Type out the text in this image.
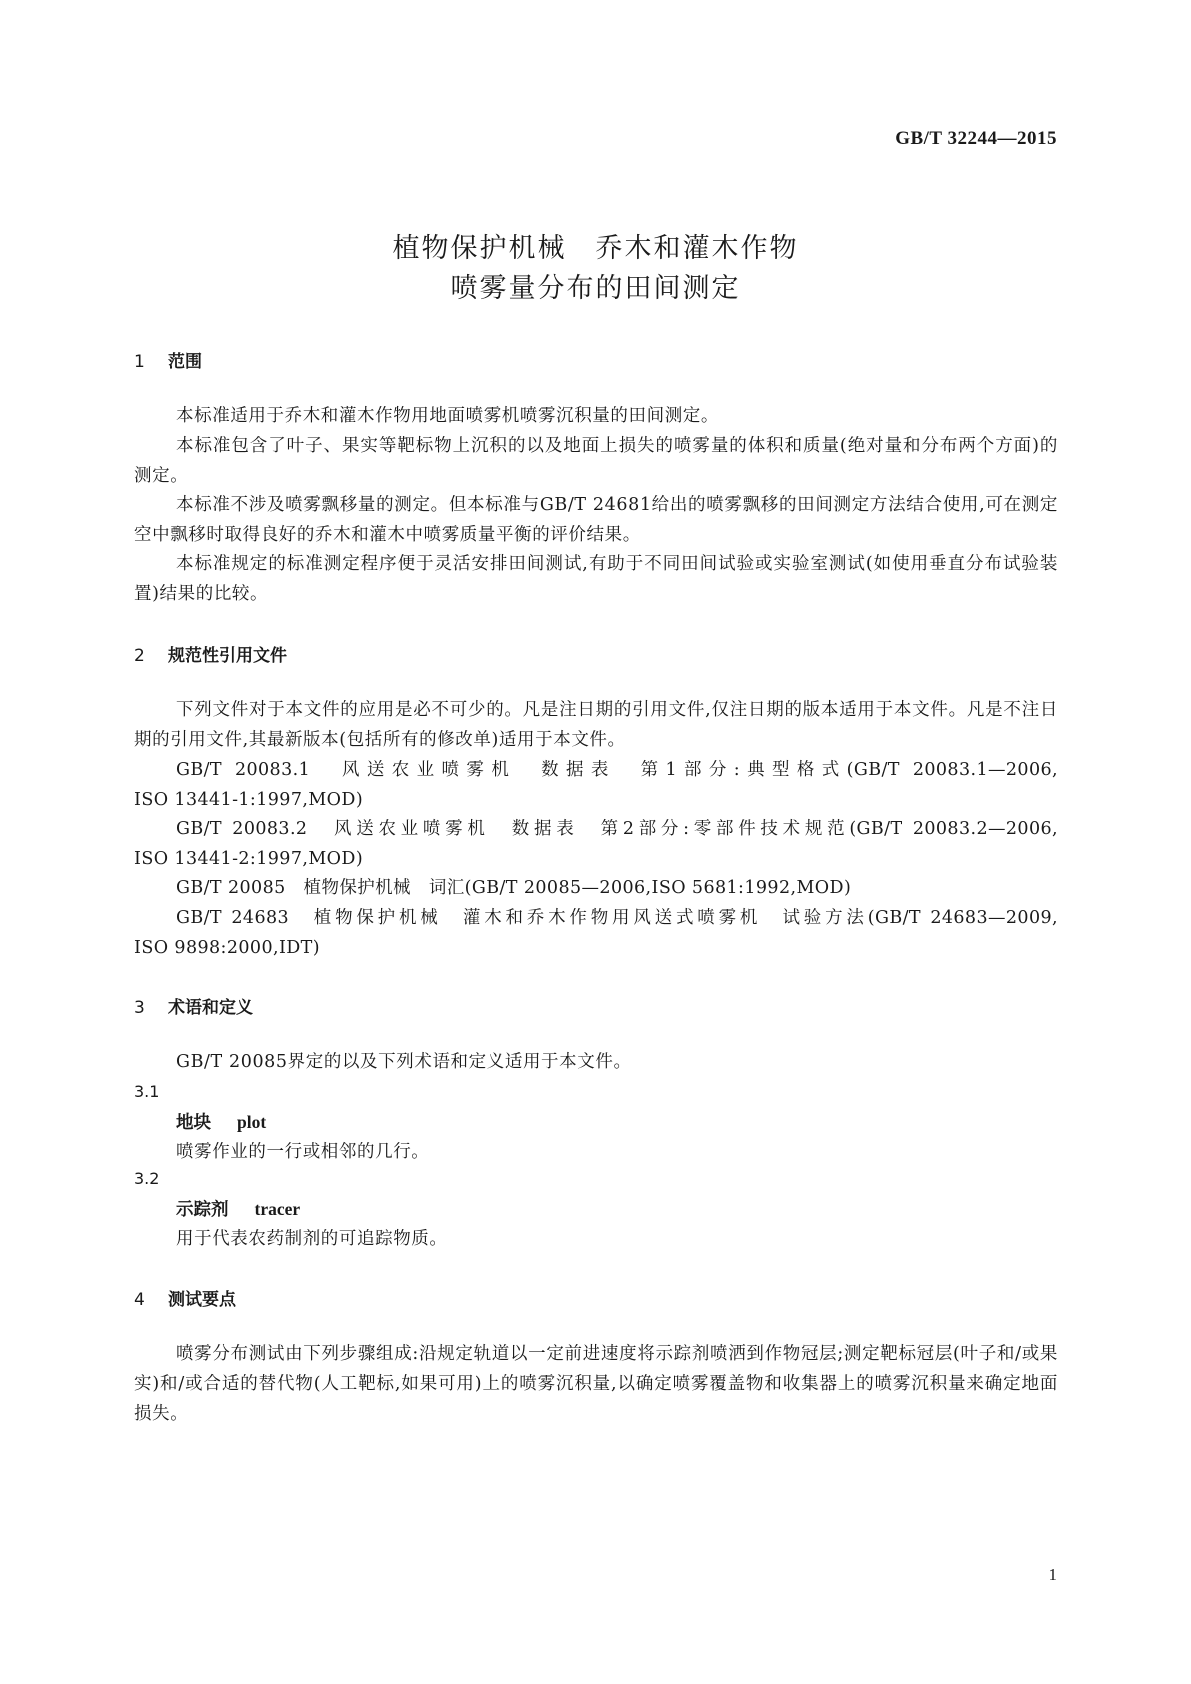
GB/T 32244—2015
植物保护机械　乔木和灌木作物
喷雾量分布的田间测定
1 范围
本标准适用于乔木和灌木作物用地面喷雾机喷雾沉积量的田间测定。
本标准包含了叶子、果实等靶标物上沉积的以及地面上损失的喷雾量的体积和质量(绝对量和分布两个方面)的测定。
本标准不涉及喷雾飘移量的测定。但本标准与GB/T 24681给出的喷雾飘移的田间测定方法结合使用,可在测定空中飘移时取得良好的乔木和灌木中喷雾质量平衡的评价结果。
本标准规定的标准测定程序便于灵活安排田间测试,有助于不同田间试验或实验室测试(如使用垂直分布试验装置)结果的比较。
2 规范性引用文件
下列文件对于本文件的应用是必不可少的。凡是注日期的引用文件,仅注日期的版本适用于本文件。凡是不注日期的引用文件,其最新版本(包括所有的修改单)适用于本文件。
GB/T 20083.1　风送农业喷雾机　数据表　第1部分:典型格式(GB/T 20083.1—2006,
ISO 13441-1:1997,MOD)
GB/T 20083.2　风送农业喷雾机　数据表　第2部分:零部件技术规范(GB/T 20083.2—2006,
ISO 13441-2:1997,MOD)
GB/T 20085　植物保护机械　词汇(GB/T 20085—2006,ISO 5681:1992,MOD)
GB/T 24683　植物保护机械　灌木和乔木作物用风送式喷雾机　试验方法(GB/T 24683—2009,
ISO 9898:2000,IDT)
3 术语和定义
GB/T 20085界定的以及下列术语和定义适用于本文件。
3.1
地块 plot
喷雾作业的一行或相邻的几行。
3.2
示踪剂 tracer
用于代表农药制剂的可追踪物质。
4 测试要点
喷雾分布测试由下列步骤组成:沿规定轨道以一定前进速度将示踪剂喷洒到作物冠层;测定靶标冠层(叶子和/或果实)和/或合适的替代物(人工靶标,如果可用)上的喷雾沉积量,以确定喷雾覆盖物和收集器上的喷雾沉积量来确定地面损失。
1
